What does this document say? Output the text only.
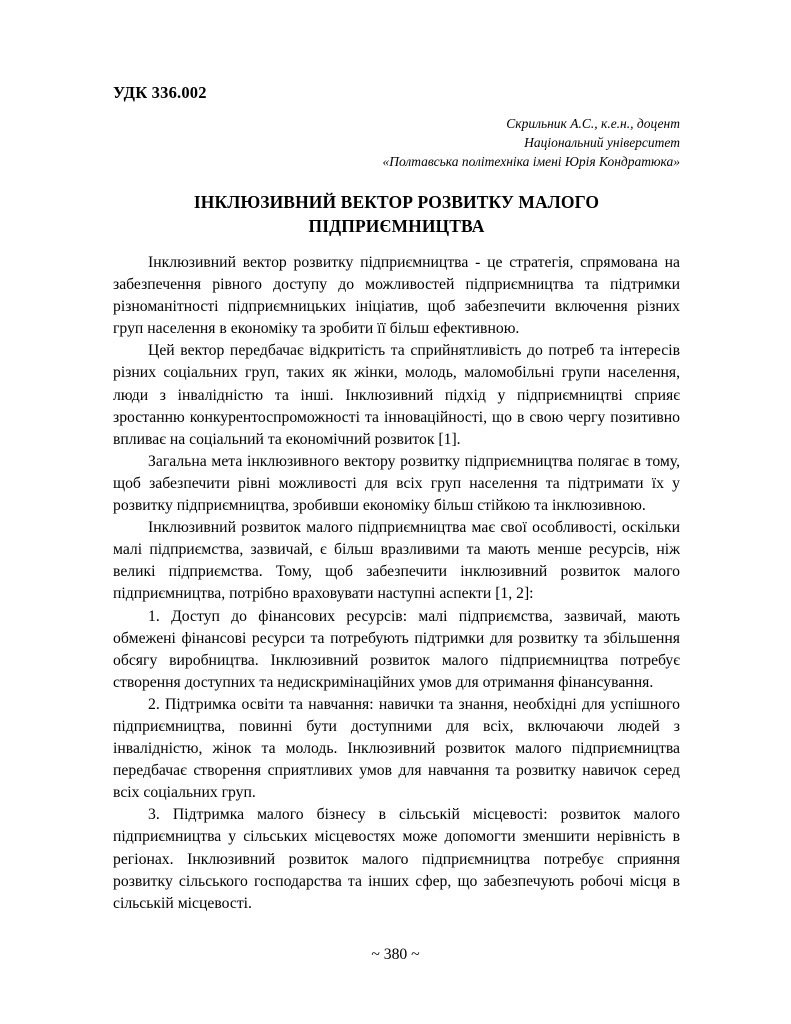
УДК 336.002
Скрильник А.С., к.е.н., доцент
Національний університет
«Полтавська політехніка імені Юрія Кондратюка»
ІНКЛЮЗИВНИЙ ВЕКТОР РОЗВИТКУ МАЛОГО
ПІДПРИЄМНИЦТВА

Інклюзивний вектор розвитку підприємництва - це стратегія, спрямована на забезпечення рівного доступу до можливостей підприємництва та підтримки різноманітності підприємницьких ініціатив, щоб забезпечити включення різних груп населення в економіку та зробити її більш ефективною.

Цей вектор передбачає відкритість та сприйнятливість до потреб та інтересів різних соціальних груп, таких як жінки, молодь, маломобільні групи населення, люди з інвалідністю та інші. Інклюзивний підхід у підприємництві сприяє зростанню конкурентоспроможності та інноваційності, що в свою чергу позитивно впливає на соціальний та економічний розвиток [1].

Загальна мета інклюзивного вектору розвитку підприємництва полягає в тому, щоб забезпечити рівні можливості для всіх груп населення та підтримати їх у розвитку підприємництва, зробивши економіку більш стійкою та інклюзивною.

Інклюзивний розвиток малого підприємництва має свої особливості, оскільки малі підприємства, зазвичай, є більш вразливими та мають менше ресурсів, ніж великі підприємства. Тому, щоб забезпечити інклюзивний розвиток малого підприємництва, потрібно враховувати наступні аспекти [1, 2]:

1. Доступ до фінансових ресурсів: малі підприємства, зазвичай, мають обмежені фінансові ресурси та потребують підтримки для розвитку та збільшення обсягу виробництва. Інклюзивний розвиток малого підприємництва потребує створення доступних та недискримінаційних умов для отримання фінансування.

2. Підтримка освіти та навчання: навички та знання, необхідні для успішного підприємництва, повинні бути доступними для всіх, включаючи людей з інвалідністю, жінок та молодь. Інклюзивний розвиток малого підприємництва передбачає створення сприятливих умов для навчання та розвитку навичок серед всіх соціальних груп.

3. Підтримка малого бізнесу в сільській місцевості: розвиток малого підприємництва у сільських місцевостях може допомогти зменшити нерівність в регіонах. Інклюзивний розвиток малого підприємництва потребує сприяння розвитку сільського господарства та інших сфер, що забезпечують робочі місця в сільській місцевості.

~ 380 ~
